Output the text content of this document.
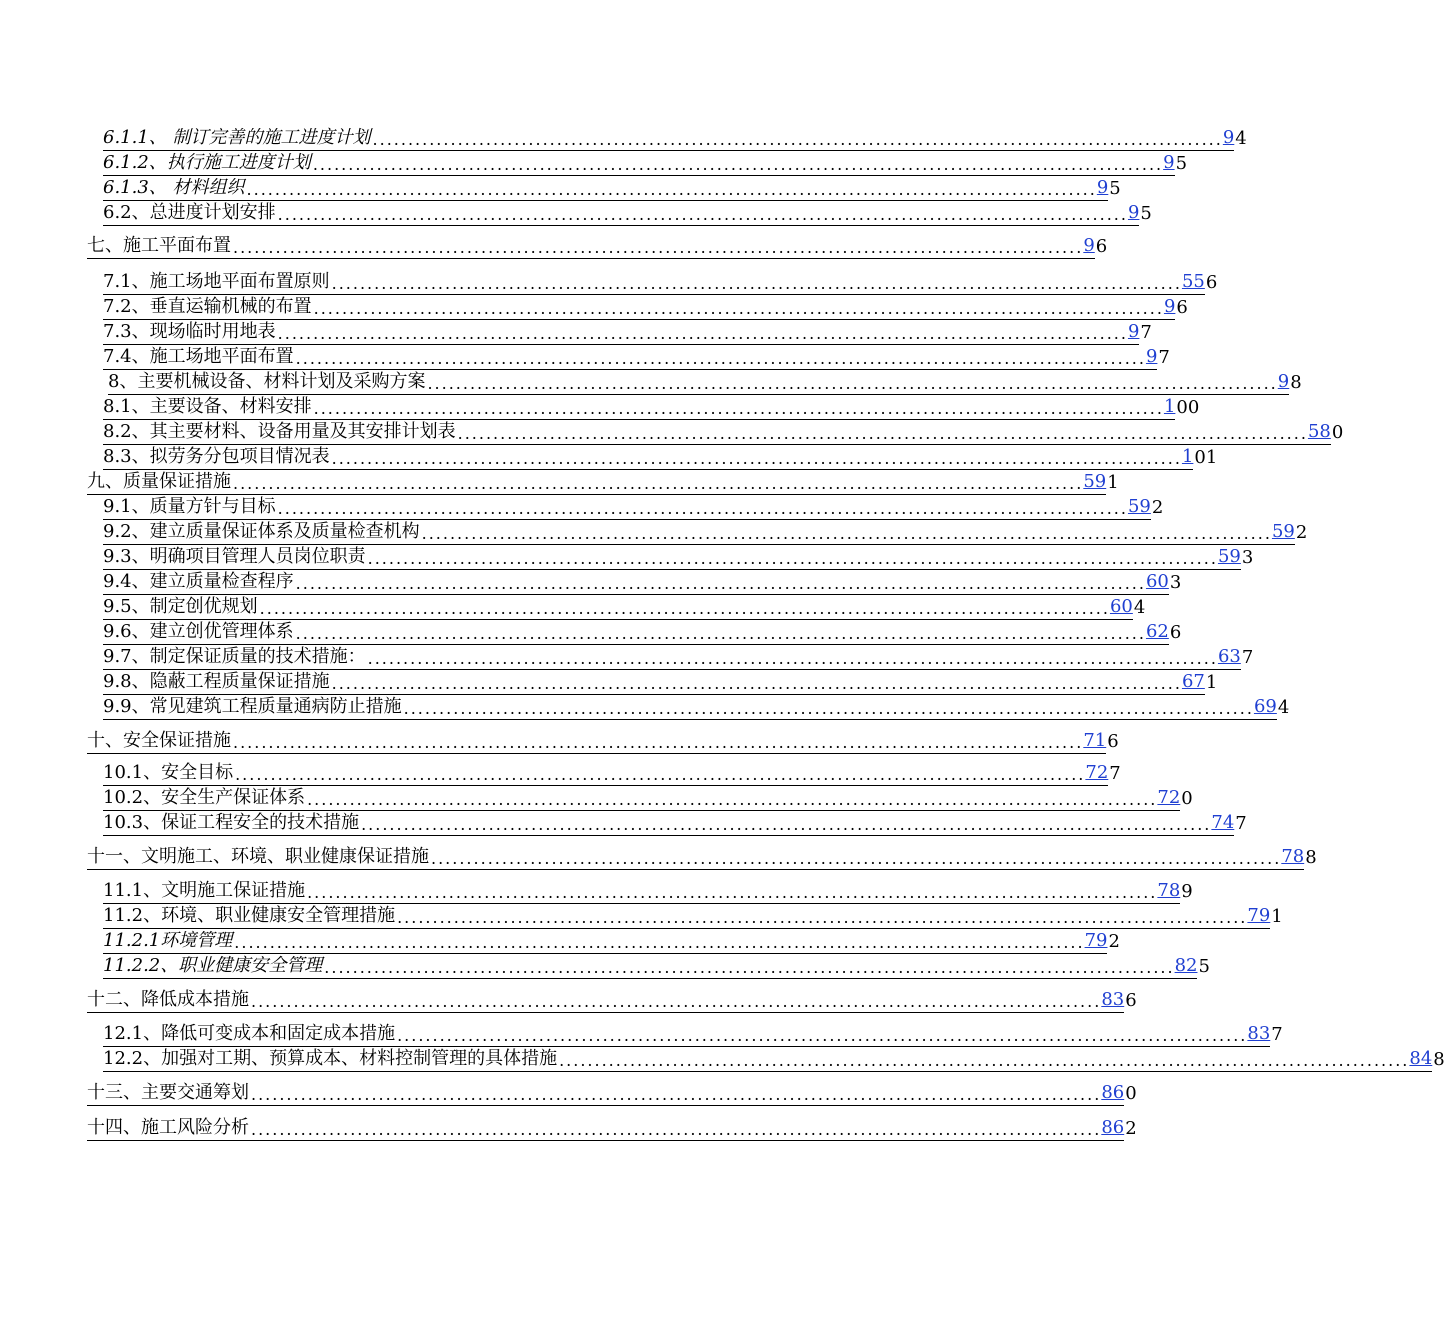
6.1.1、 制订完善的施工进度计划 ........................................................................................................................ 9 4
6.1.2、执行施工进度计划 ........................................................................................................................ 9 5
6.1.3、 材料组织 ........................................................................................................................ 9 5
6.2、总进度计划安排 ........................................................................................................................ 9 5
七、施工平面布置 ........................................................................................................................ 9 6
7.1、施工场地平面布置原则 ........................................................................................................................ 55 6
7.2、垂直运输机械的布置 ........................................................................................................................ 9 6
7.3、现场临时用地表 ........................................................................................................................ 9 7
7.4、施工场地平面布置 ........................................................................................................................ 9 7
8、主要机械设备、材料计划及采购方案 ........................................................................................................................ 9 8
8.1、主要设备、材料安排 ........................................................................................................................ 1 00
8.2、其主要材料、设备用量及其安排计划表 ........................................................................................................................ 58 0
8.3、拟劳务分包项目情况表 ........................................................................................................................ 1 01
九、质量保证措施 ........................................................................................................................ 59 1
9.1、质量方针与目标 ........................................................................................................................ 59 2
9.2、建立质量保证体系及质量检查机构 ........................................................................................................................ 59 2
9.3、明确项目管理人员岗位职责 ........................................................................................................................ 59 3
9.4、建立质量检查程序 ........................................................................................................................ 60 3
9.5、制定创优规划 ........................................................................................................................ 60 4
9.6、建立创优管理体系 ........................................................................................................................ 62 6
9.7、制定保证质量的技术措施： ........................................................................................................................ 63 7
9.8、隐蔽工程质量保证措施 ........................................................................................................................ 67 1
9.9、常见建筑工程质量通病防止措施 ........................................................................................................................ 69 4
十、安全保证措施 ........................................................................................................................ 71 6
10.1、安全目标 ........................................................................................................................ 72 7
10.2、安全生产保证体系 ........................................................................................................................ 72 0
10.3、保证工程安全的技术措施 ........................................................................................................................ 74 7
十一、文明施工、环境、职业健康保证措施 ........................................................................................................................ 78 8
11.1、文明施工保证措施 ........................................................................................................................ 78 9
11.2、环境、职业健康安全管理措施 ........................................................................................................................ 79 1
11.2.1环境管理 ........................................................................................................................ 79 2
11.2.2、职业健康安全管理 ........................................................................................................................ 82 5
十二、降低成本措施 ........................................................................................................................ 83 6
12.1、降低可变成本和固定成本措施 ........................................................................................................................ 83 7
12.2、加强对工期、预算成本、材料控制管理的具体措施 ........................................................................................................................ 84 8
十三、主要交通筹划 ........................................................................................................................ 86 0
十四、施工风险分析 ........................................................................................................................ 86 2
